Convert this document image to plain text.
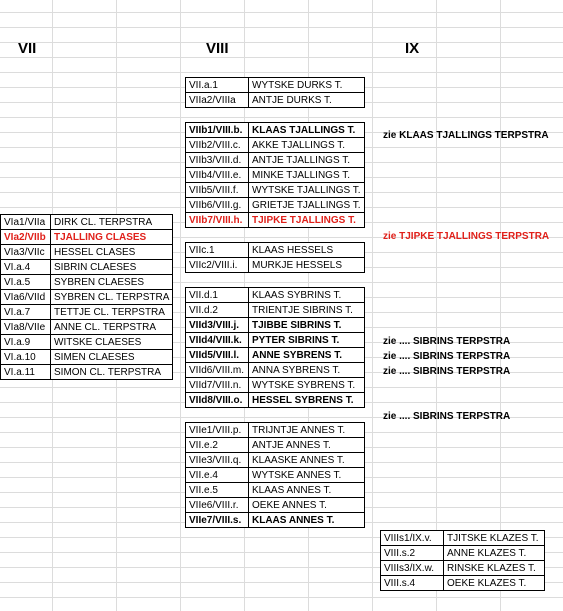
VII	VIII	IX
VIa1/VIIa	DIRK CL. TERPSTRA
VIa2/VIIb	TJALLING CLASES
VIa3/VIIc	HESSEL CLASES
VI.a.4	SIBRIN CLAESES
VI.a.5	SYBREN CLAESES
VIa6/VIId	SYBREN CL. TERPSTRA
VI.a.7	TETTJE CL. TERPSTRA
VIa8/VIIe	ANNE CL. TERPSTRA
VI.a.9	WITSKE CLAESES
VI.a.10	SIMEN CLAESES
VI.a.11	SIMON CL. TERPSTRA
VII.a.1	WYTSKE DURKS T.
VIIa2/VIIIa	ANTJE DURKS T.

VIIb1/VIII.b.	KLAAS TJALLINGS T.
VIIb2/VIII.c.	AKKE TJALLINGS T.
VIIb3/VIII.d.	ANTJE TJALLINGS T.
VIIb4/VIII.e.	MINKE TJALLINGS T.
VIIb5/VIII.f.	WYTSKE TJALLINGS T.
VIIb6/VIII.g.	GRIETJE TJALLINGS T.
VIIb7/VIII.h.	TJIPKE TJALLINGS T.

VIIc.1	KLAAS HESSELS
VIIc2/VIII.i.	MURKJE HESSELS

VII.d.1	KLAAS SYBRINS T.
VII.d.2	TRIENTJE SIBRINS T.
VIId3/VIII.j.	TJIBBE SIBRINS T.
VIId4/VIII.k.	PYTER SIBRINS T.
VIId5/VIII.l.	ANNE SYBRENS T.
VIId6/VIII.m.	ANNA SYBRENS T.
VIId7/VIII.n.	WYTSKE SYBRENS T.
VIId8/VIII.o.	HESSEL SYBRENS T.

VIIe1/VIII.p.	TRIJNTJE ANNES T.
VII.e.2	ANTJE ANNES T.
VIIe3/VIII.q.	KLAASKE ANNES T.
VII.e.4	WYTSKE ANNES T.
VII.e.5	KLAAS ANNES T.
VIIe6/VIII.r.	OEKE ANNES T.
VIIe7/VIII.s.	KLAAS ANNES T.
VIIIs1/IX.v.	TJITSKE KLAZES T.
VIII.s.2	ANNE KLAZES T.
VIIIs3/IX.w.	RINSKE KLAZES T.
VIII.s.4	OEKE KLAZES T.
zie KLAAS TJALLINGS TERPSTRA
zie TJIPKE TJALLINGS TERPSTRA
zie .... SIBRINS TERPSTRA
zie .... SIBRINS TERPSTRA
zie .... SIBRINS TERPSTRA
zie .... SIBRINS TERPSTRA
